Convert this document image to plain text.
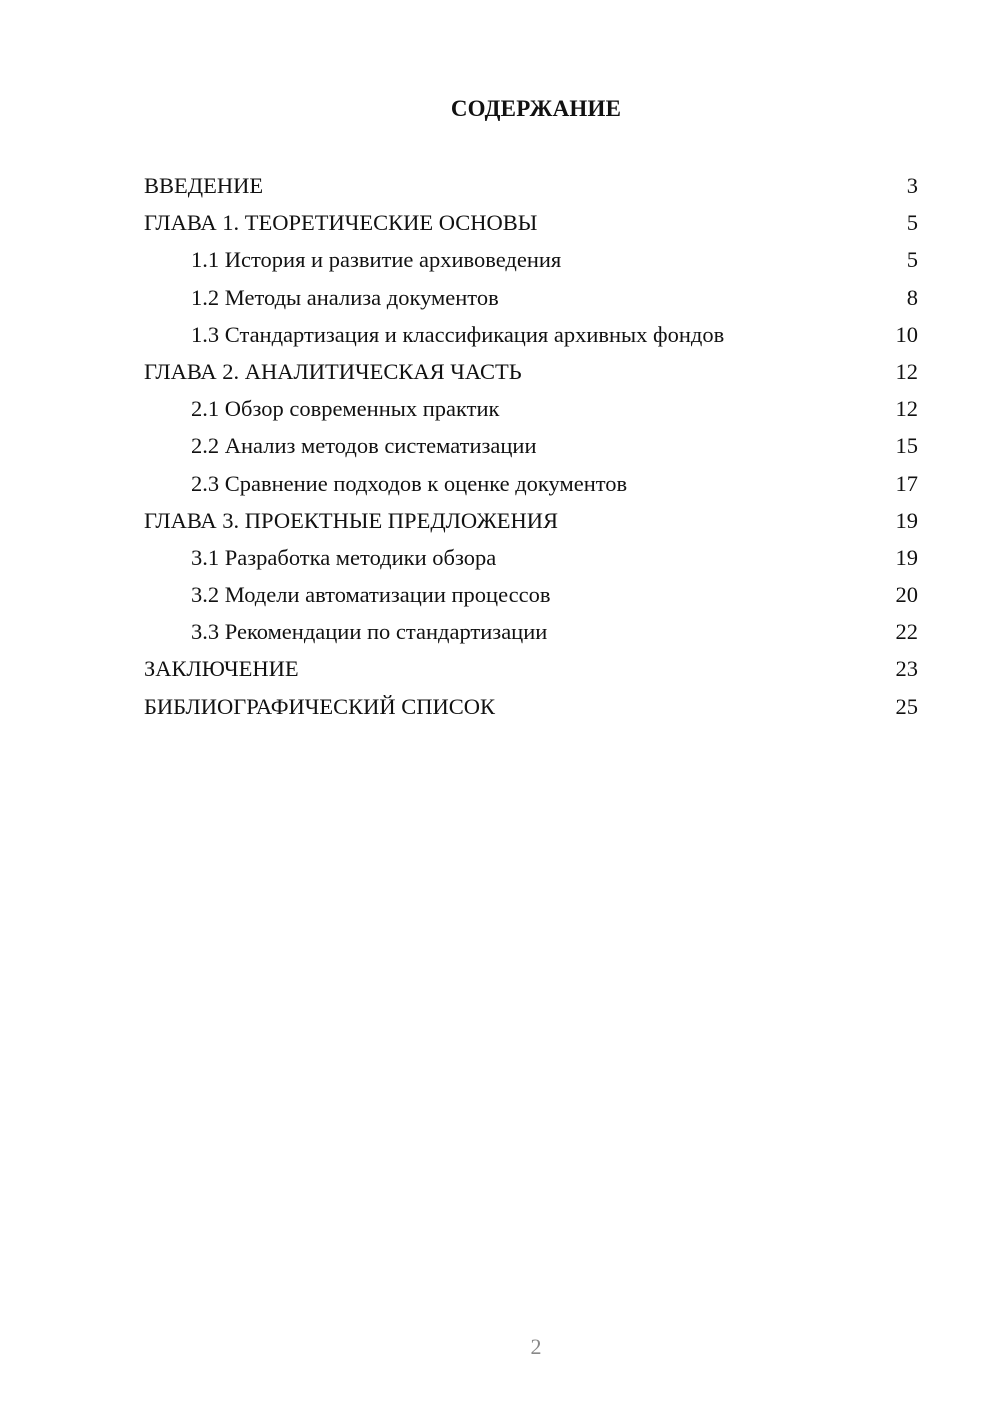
СОДЕРЖАНИЕ
ВВЕДЕНИЕ	3
ГЛАВА 1. ТЕОРЕТИЧЕСКИЕ ОСНОВЫ	5
1.1 История и развитие архивоведения	5
1.2 Методы анализа документов	8
1.3 Стандартизация и классификация архивных фондов	10
ГЛАВА 2. АНАЛИТИЧЕСКАЯ ЧАСТЬ	12
2.1 Обзор современных практик	12
2.2 Анализ методов систематизации	15
2.3 Сравнение подходов к оценке документов	17
ГЛАВА 3. ПРОЕКТНЫЕ ПРЕДЛОЖЕНИЯ	19
3.1 Разработка методики обзора	19
3.2 Модели автоматизации процессов	20
3.3 Рекомендации по стандартизации	22
ЗАКЛЮЧЕНИЕ	23
БИБЛИОГРАФИЧЕСКИЙ СПИСОК	25
2
